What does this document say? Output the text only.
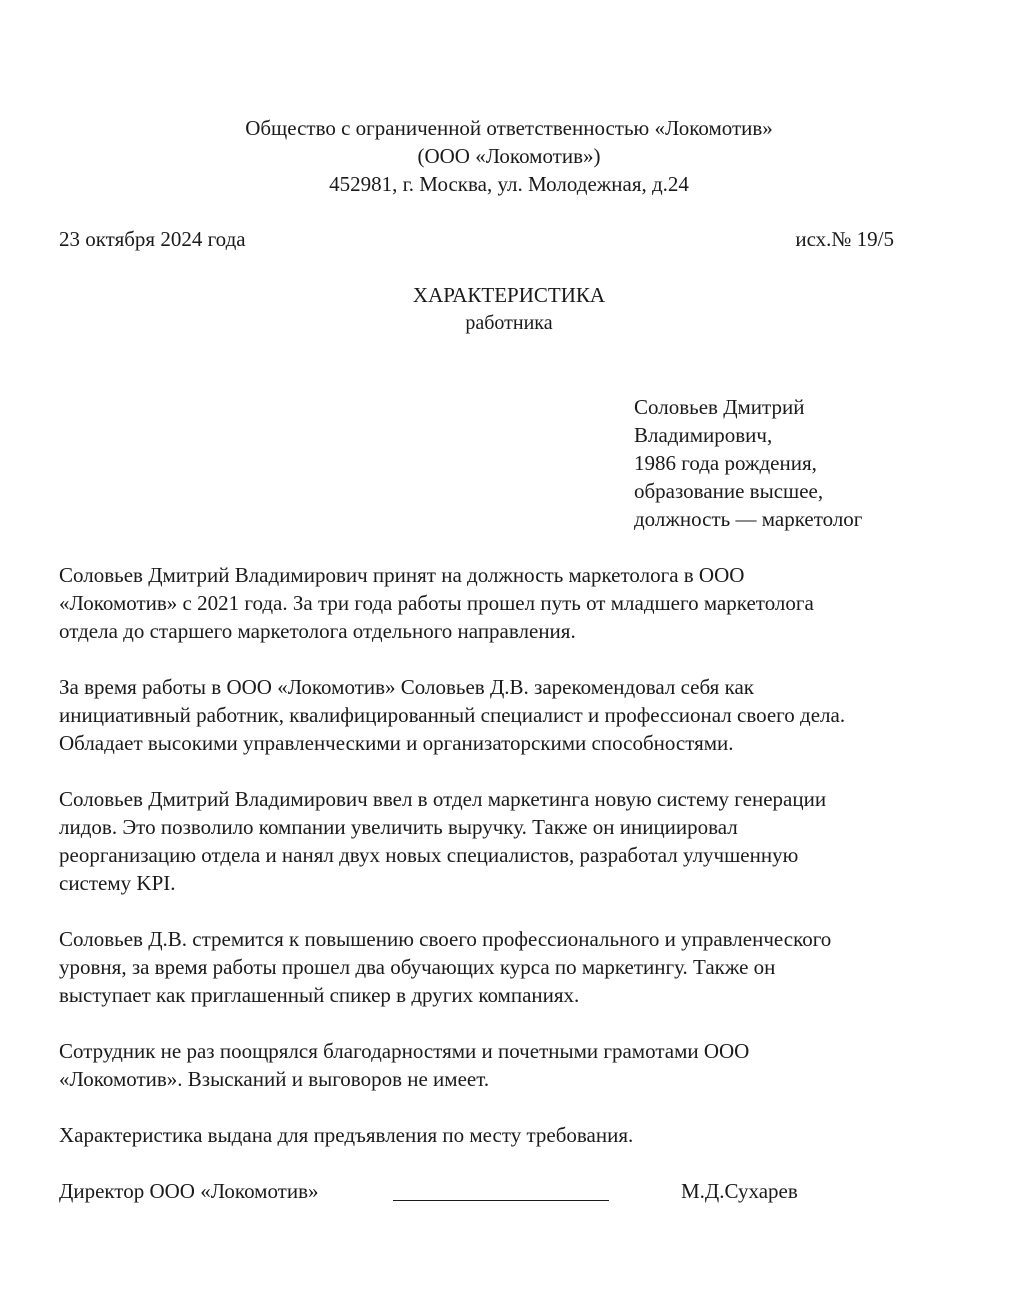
Общество с ограниченной ответственностью «Локомотив»
(ООО «Локомотив»)
452981, г. Москва, ул. Молодежная, д.24
23 октября 2024 года	исх.№ 19/5
ХАРАКТЕРИСТИКА
работника
Соловьев Дмитрий
Владимирович,
1986 года рождения,
образование высшее,
должность — маркетолог

Соловьев Дмитрий Владимирович принят на должность маркетолога в ООО
«Локомотив» с 2021 года. За три года работы прошел путь от младшего маркетолога
отдела до старшего маркетолога отдельного направления.

За время работы в ООО «Локомотив» Соловьев Д.В. зарекомендовал себя как
инициативный работник, квалифицированный специалист и профессионал своего дела.
Обладает высокими управленческими и организаторскими способностями.

Соловьев Дмитрий Владимирович ввел в отдел маркетинга новую систему генерации
лидов. Это позволило компании увеличить выручку. Также он инициировал
реорганизацию отдела и нанял двух новых специалистов, разработал улучшенную
систему KPI.

Соловьев Д.В. стремится к повышению своего профессионального и управленческого
уровня, за время работы прошел два обучающих курса по маркетингу. Также он
выступает как приглашенный спикер в других компаниях.

Сотрудник не раз поощрялся благодарностями и почетными грамотами ООО
«Локомотив». Взысканий и выговоров не имеет.

Характеристика выдана для предъявления по месту требования.

Директор ООО «Локомотив»	М.Д.Сухарев
